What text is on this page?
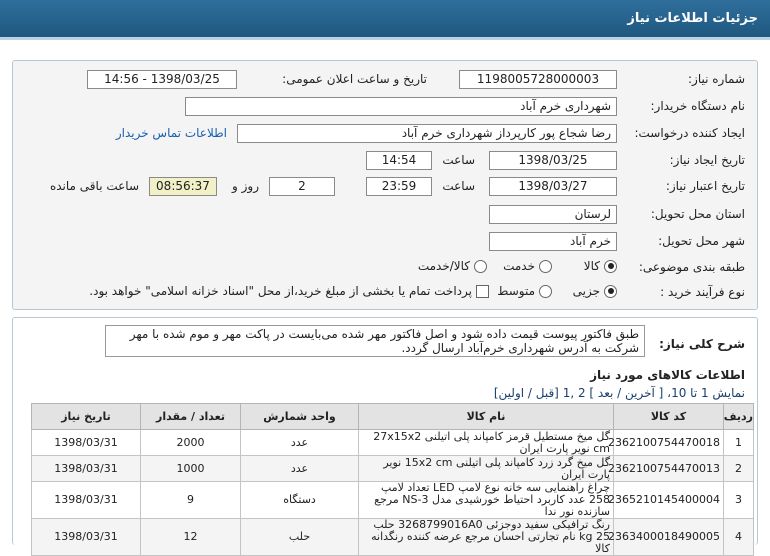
جزئیات اطلاعات نیاز
شماره نیاز:
1198005728000003
تاریخ و ساعت اعلان عمومی:
1398/03/25 - 14:56
نام دستگاه خریدار:
شهرداری خرم آباد
ایجاد کننده درخواست:
رضا شجاع پور کارپرداز شهرداری خرم آباد
اطلاعات تماس خریدار
تاریخ ایجاد نیاز:
1398/03/25
ساعت
14:54
تاریخ اعتبار نیاز:
1398/03/27
ساعت
23:59
2
روز و
08:56:37
ساعت باقی مانده
استان محل تحویل:
لرستان
شهر محل تحویل:
خرم آباد
طبقه بندی موضوعی:
کالا
خدمت
کالا/خدمت
نوع فرآیند خرید :
جزیی
متوسط
پرداخت تمام یا بخشی از مبلغ خرید،از محل "اسناد خزانه اسلامی" خواهد بود.
شرح کلی نیاز:
طبق فاکتور پیوست قیمت داده شود و اصل فاکتور مهر شده می‌بایست در پاکت مهر و موم شده با مهر شرکت به آدرس شهرداری خرم‌آباد ارسال گردد.
اطلاعات کالاهای مورد نیاز
نمایش 1 تا 10، [ آخرین / بعد ] 2 ,1 [قبل / اولین]
ردیف	کد کالا	نام کالا	واحد شمارش	تعداد / مقدار	تاریخ نیاز
1	2362100754470018	گل میخ مستطیل قرمز کامپاند پلی اتیلنی 27x15x2 cm نویر پارت ایران	عدد	2000	1398/03/31
2	2362100754470013	گل میخ گرد زرد کامپاند پلی اتیلنی 15x2 cm نویر پارت ایران	عدد	1000	1398/03/31
3	2365210145400004	چراغ راهنمایی سه خانه نوع لامپ LED تعداد لامپ 258 عدد کاربرد احتیاط خورشیدی مدل NS-3 مرجع سازنده نور ندا	دستگاه	9	1398/03/31
4	2363400018490005	رنگ ترافیکی سفید دوجزئی 3268799016A0 حلب 25 kg نام تجارتی احسان مرجع عرضه کننده رنگدانه کالا	حلب	12	1398/03/31
